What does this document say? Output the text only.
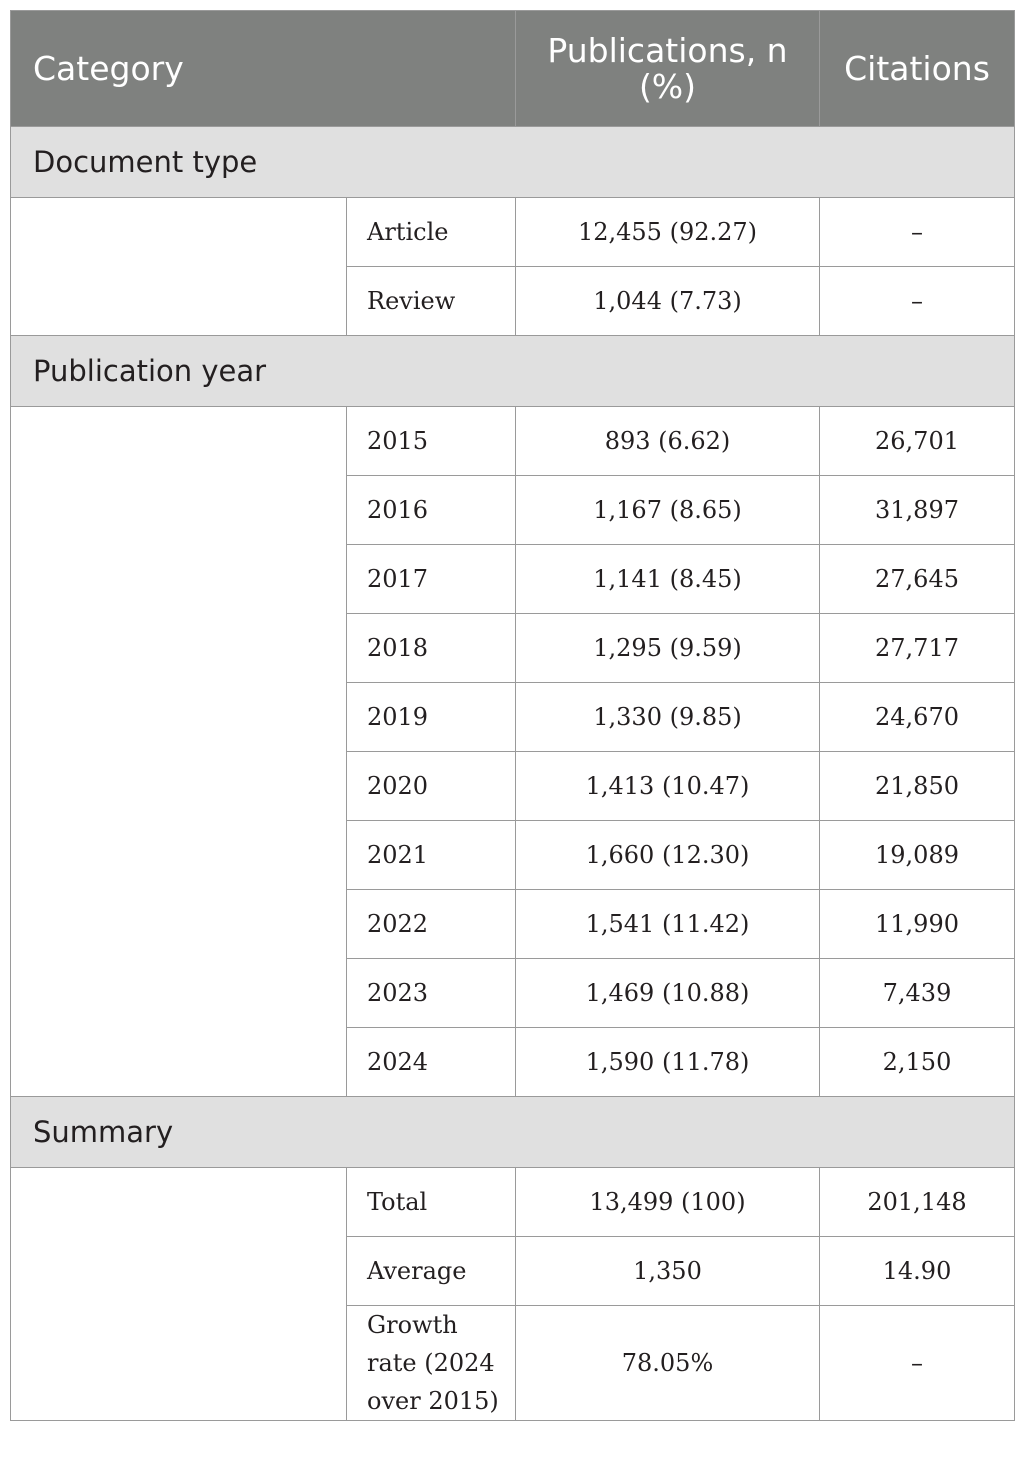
Category		Publications, n (%)	Citations
Document type			
	Article	12,455 (92.27)	–
	Review	1,044 (7.73)	–
Publication year			
	2015	893 (6.62)	26,701
	2016	1,167 (8.65)	31,897
	2017	1,141 (8.45)	27,645
	2018	1,295 (9.59)	27,717
	2019	1,330 (9.85)	24,670
	2020	1,413 (10.47)	21,850
	2021	1,660 (12.30)	19,089
	2022	1,541 (11.42)	11,990
	2023	1,469 (10.88)	7,439
	2024	1,590 (11.78)	2,150
Summary			
	Total	13,499 (100)	201,148
	Average	1,350	14.90
	Growth rate (2024 over 2015)	78.05%	–
